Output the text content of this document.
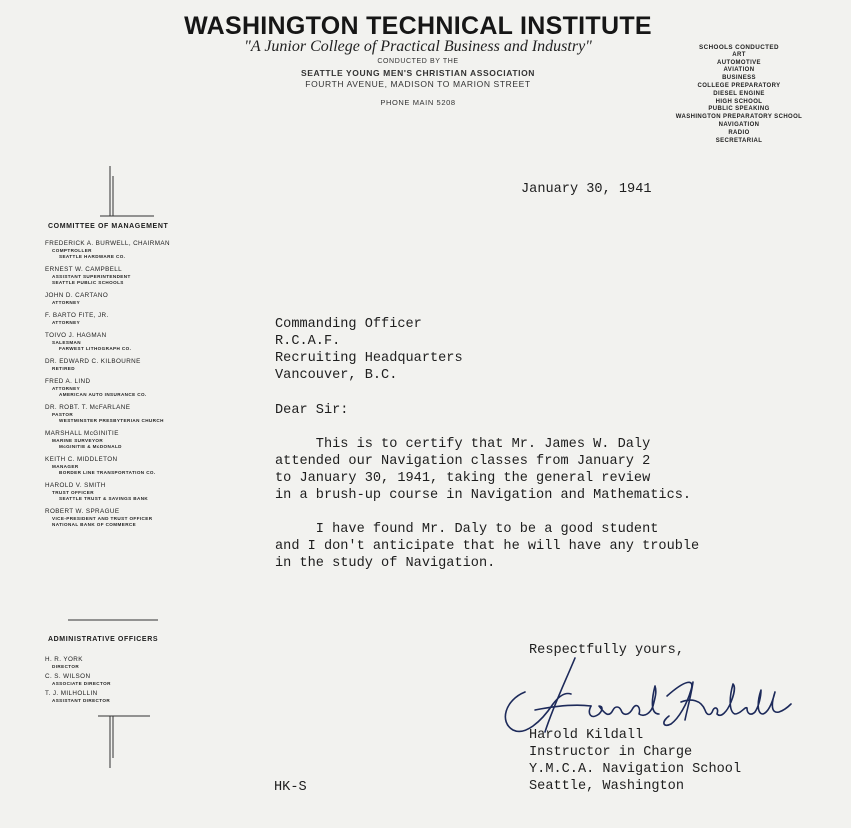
WASHINGTON TECHNICAL INSTITUTE
"A Junior College of Practical Business and Industry"
CONDUCTED BY THE
SEATTLE YOUNG MEN'S CHRISTIAN ASSOCIATION
FOURTH AVENUE, MADISON TO MARION STREET
PHONE MAIN 5208
SCHOOLS CONDUCTED
ART
AUTOMOTIVE
AVIATION
BUSINESS
COLLEGE PREPARATORY
DIESEL ENGINE
HIGH SCHOOL
PUBLIC SPEAKING
WASHINGTON PREPARATORY SCHOOL
NAVIGATION
RADIO
SECRETARIAL
COMMITTEE OF MANAGEMENT
FREDERICK A. BURWELL, CHAIRMAN
COMPTROLLER
SEATTLE HARDWARE CO.
ERNEST W. CAMPBELL
ASSISTANT SUPERINTENDENT
SEATTLE PUBLIC SCHOOLS
JOHN D. CARTANO
ATTORNEY
F. BARTO FITE, JR.
ATTORNEY
TOIVO J. HAGMAN
SALESMAN
FARWEST LITHOGRAPH CO.
DR. EDWARD C. KILBOURNE
RETIRED
FRED A. LIND
ATTORNEY
AMERICAN AUTO INSURANCE CO.
DR. ROBT. T. McFARLANE
PASTOR
WESTMINSTER PRESBYTERIAN CHURCH
MARSHALL McGINITIE
MARINE SURVEYOR
McGINITIE & McDONALD
KEITH C. MIDDLETON
MANAGER
BORDER LINE TRANSPORTATION CO.
HAROLD V. SMITH
TRUST OFFICER
SEATTLE TRUST & SAVINGS BANK
ROBERT W. SPRAGUE
VICE-PRESIDENT AND TRUST OFFICER
NATIONAL BANK OF COMMERCE
ADMINISTRATIVE OFFICERS
H. R. YORK
DIRECTOR
C. S. WILSON
ASSOCIATE DIRECTOR
T. J. MILHOLLIN
ASSISTANT DIRECTOR
January 30, 1941
Commanding Officer
R.C.A.F.
Recruiting Headquarters
Vancouver, B.C.
Dear Sir:
This is to certify that Mr. James W. Daly
attended our Navigation classes from January 2
to January 30, 1941, taking the general review
in a brush-up course in Navigation and Mathematics.
I have found Mr. Daly to be a good student
and I don't anticipate that he will have any trouble
in the study of Navigation.
Respectfully yours,
Harold Kildall
Instructor in Charge
Y.M.C.A. Navigation School
Seattle, Washington
HK-S
